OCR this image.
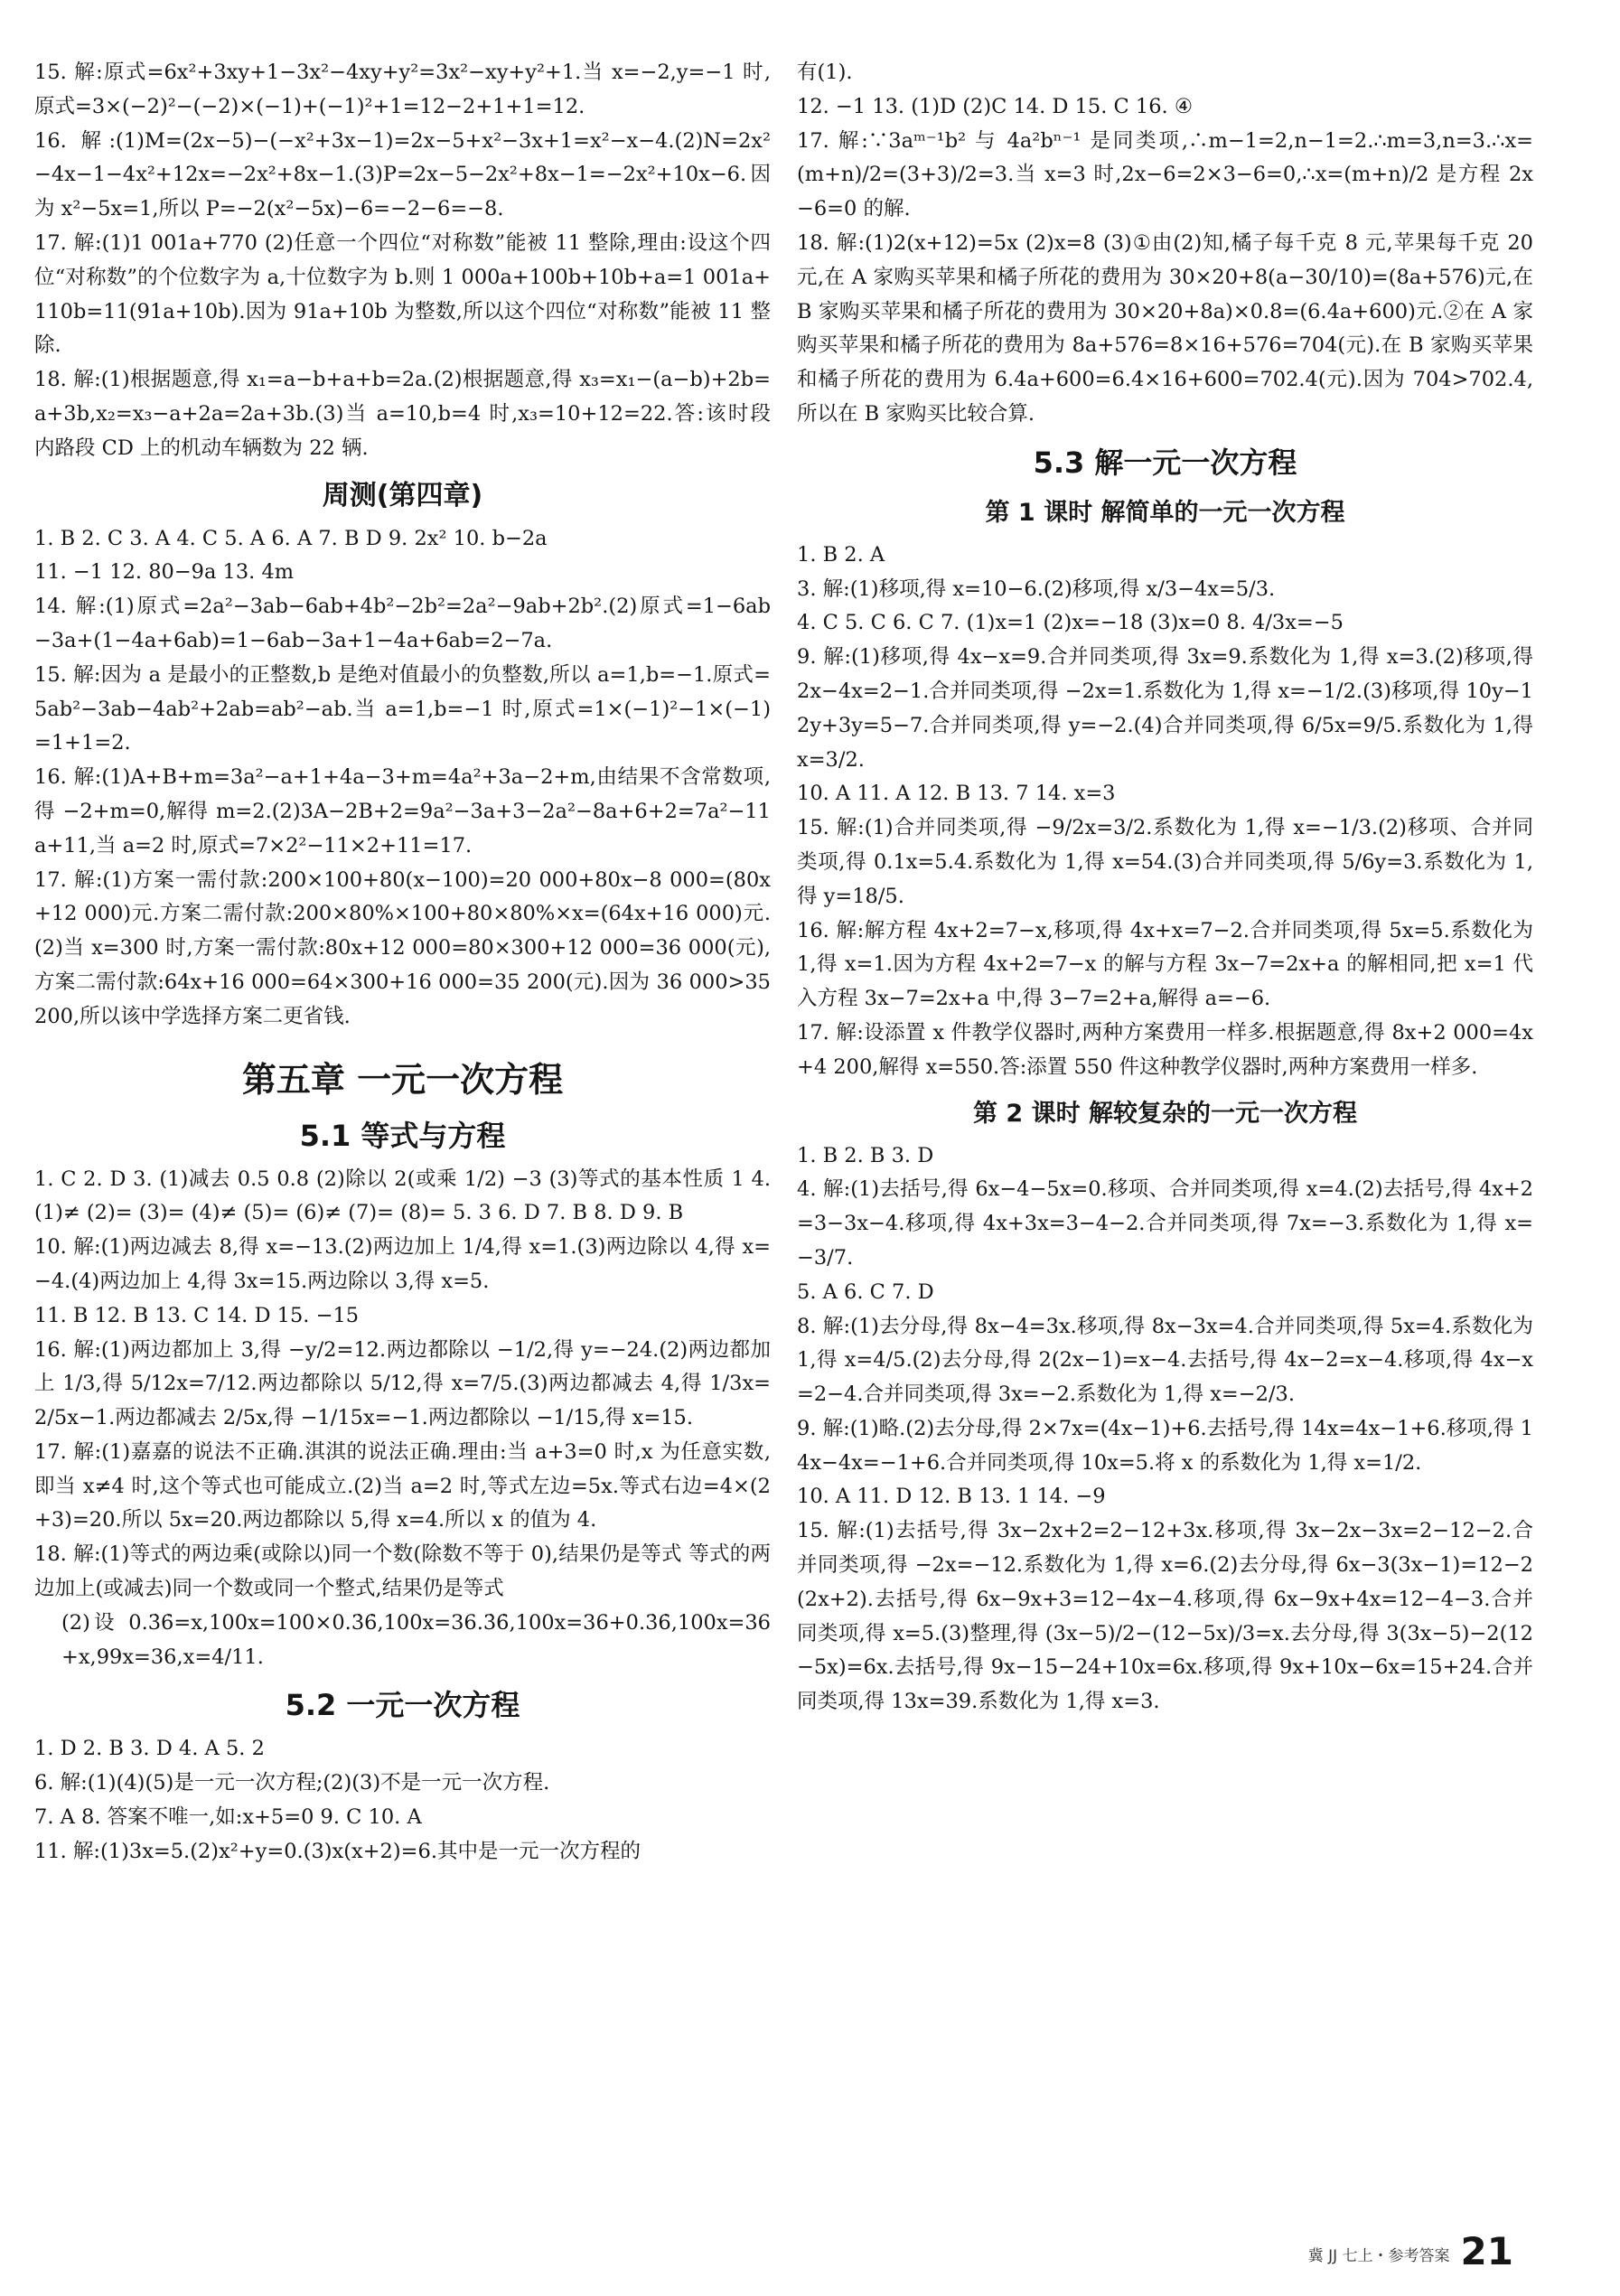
15. 解:原式=6x²+3xy+1−3x²−4xy+y²=3x²−xy+y²+1.当 x=−2,y=−1 时,原式=3×(−2)²−(−2)×(−1)+(−1)²+1=12−2+1+1=12.
16. 解:(1)M=(2x−5)−(−x²+3x−1)=2x−5+x²−3x+1=x²−x−4.(2)N=2x²−4x−1−4x²+12x=−2x²+8x−1.(3)P=2x−5−2x²+8x−1=−2x²+10x−6.因为 x²−5x=1,所以 P=−2(x²−5x)−6=−2−6=−8.
17. 解:(1)1 001a+770 (2)任意一个四位“对称数”能被 11 整除,理由:设这个四位“对称数”的个位数字为 a,十位数字为 b.则 1 000a+100b+10b+a=1 001a+110b=11(91a+10b).因为 91a+10b 为整数,所以这个四位“对称数”能被 11 整除.
18. 解:(1)根据题意,得 x₁=a−b+a+b=2a.(2)根据题意,得 x₃=x₁−(a−b)+2b=a+3b,x₂=x₃−a+2a=2a+3b.(3)当 a=10,b=4 时,x₃=10+12=22.答:该时段内路段 CD 上的机动车辆数为 22 辆.
周测(第四章)
1. B 2. C 3. A 4. C 5. A 6. A 7. B D 9. 2x² 10. b−2a
11. −1 12. 80−9a 13. 4m
14. 解:(1)原式=2a²−3ab−6ab+4b²−2b²=2a²−9ab+2b².(2)原式=1−6ab−3a+(1−4a+6ab)=1−6ab−3a+1−4a+6ab=2−7a.
15. 解:因为 a 是最小的正整数,b 是绝对值最小的负整数,所以 a=1,b=−1.原式=5ab²−3ab−4ab²+2ab=ab²−ab.当 a=1,b=−1 时,原式=1×(−1)²−1×(−1)=1+1=2.
16. 解:(1)A+B+m=3a²−a+1+4a−3+m=4a²+3a−2+m,由结果不含常数项,得 −2+m=0,解得 m=2.(2)3A−2B+2=9a²−3a+3−2a²−8a+6+2=7a²−11a+11,当 a=2 时,原式=7×2²−11×2+11=17.
17. 解:(1)方案一需付款:200×100+80(x−100)=20 000+80x−8 000=(80x+12 000)元.方案二需付款:200×80%×100+80×80%×x=(64x+16 000)元.(2)当 x=300 时,方案一需付款:80x+12 000=80×300+12 000=36 000(元),方案二需付款:64x+16 000=64×300+16 000=35 200(元).因为 36 000>35 200,所以该中学选择方案二更省钱.
第五章 一元一次方程
5.1 等式与方程
1. C 2. D 3. (1)减去 0.5 0.8 (2)除以 2(或乘 1/2) −3 (3)等式的基本性质 1 4. (1)≠ (2)= (3)= (4)≠ (5)= (6)≠ (7)= (8)= 5. 3 6. D 7. B 8. D 9. B
10. 解:(1)两边减去 8,得 x=−13.(2)两边加上 1/4,得 x=1.(3)两边除以 4,得 x=−4.(4)两边加上 4,得 3x=15.两边除以 3,得 x=5.
11. B 12. B 13. C 14. D 15. −15
16. 解:(1)两边都加上 3,得 −y/2=12.两边都除以 −1/2,得 y=−24.(2)两边都加上 1/3,得 5/12x=7/12.两边都除以 5/12,得 x=7/5.(3)两边都减去 4,得 1/3x=2/5x−1.两边都减去 2/5x,得 −1/15x=−1.两边都除以 −1/15,得 x=15.
17. 解:(1)嘉嘉的说法不正确.淇淇的说法正确.理由:当 a+3=0 时,x 为任意实数,即当 x≠4 时,这个等式也可能成立.(2)当 a=2 时,等式左边=5x.等式右边=4×(2+3)=20.所以 5x=20.两边都除以 5,得 x=4.所以 x 的值为 4.
18. 解:(1)等式的两边乘(或除以)同一个数(除数不等于 0),结果仍是等式 等式的两边加上(或减去)同一个数或同一个整式,结果仍是等式
(2)设 0.3̇6̇=x,100x=100×0.3̇6̇,100x=36.3̇6̇,100x=36+0.3̇6̇,100x=36+x,99x=36,x=4/11.
5.2 一元一次方程
1. D 2. B 3. D 4. A 5. 2
6. 解:(1)(4)(5)是一元一次方程;(2)(3)不是一元一次方程.
7. A 8. 答案不唯一,如:x+5=0 9. C 10. A
11. 解:(1)3x=5.(2)x²+y=0.(3)x(x+2)=6.其中是一元一次方程的
有(1).
12. −1 13. (1)D (2)C 14. D 15. C 16. ④
17. 解:∵3aᵐ⁻¹b² 与 4a²bⁿ⁻¹ 是同类项,∴m−1=2,n−1=2.∴m=3,n=3.∴x=(m+n)/2=(3+3)/2=3.当 x=3 时,2x−6=2×3−6=0,∴x=(m+n)/2 是方程 2x−6=0 的解.
18. 解:(1)2(x+12)=5x (2)x=8 (3)①由(2)知,橘子每千克 8 元,苹果每千克 20 元,在 A 家购买苹果和橘子所花的费用为 30×20+8(a−30/10)=(8a+576)元,在 B 家购买苹果和橘子所花的费用为 30×20+8a)×0.8=(6.4a+600)元.②在 A 家购买苹果和橘子所花的费用为 8a+576=8×16+576=704(元).在 B 家购买苹果和橘子所花的费用为 6.4a+600=6.4×16+600=702.4(元).因为 704>702.4,所以在 B 家购买比较合算.
5.3 解一元一次方程
第 1 课时 解简单的一元一次方程
1. B 2. A
3. 解:(1)移项,得 x=10−6.(2)移项,得 x/3−4x=5/3.
4. C 5. C 6. C 7. (1)x=1 (2)x=−18 (3)x=0 8. 4/3x=−5
9. 解:(1)移项,得 4x−x=9.合并同类项,得 3x=9.系数化为 1,得 x=3.(2)移项,得 2x−4x=2−1.合并同类项,得 −2x=1.系数化为 1,得 x=−1/2.(3)移项,得 10y−12y+3y=5−7.合并同类项,得 y=−2.(4)合并同类项,得 6/5x=9/5.系数化为 1,得 x=3/2.
10. A 11. A 12. B 13. 7 14. x=3
15. 解:(1)合并同类项,得 −9/2x=3/2.系数化为 1,得 x=−1/3.(2)移项、合并同类项,得 0.1x=5.4.系数化为 1,得 x=54.(3)合并同类项,得 5/6y=3.系数化为 1,得 y=18/5.
16. 解:解方程 4x+2=7−x,移项,得 4x+x=7−2.合并同类项,得 5x=5.系数化为 1,得 x=1.因为方程 4x+2=7−x 的解与方程 3x−7=2x+a 的解相同,把 x=1 代入方程 3x−7=2x+a 中,得 3−7=2+a,解得 a=−6.
17. 解:设添置 x 件教学仪器时,两种方案费用一样多.根据题意,得 8x+2 000=4x+4 200,解得 x=550.答:添置 550 件这种教学仪器时,两种方案费用一样多.
第 2 课时 解较复杂的一元一次方程
1. B 2. B 3. D
4. 解:(1)去括号,得 6x−4−5x=0.移项、合并同类项,得 x=4.(2)去括号,得 4x+2=3−3x−4.移项,得 4x+3x=3−4−2.合并同类项,得 7x=−3.系数化为 1,得 x=−3/7.
5. A 6. C 7. D
8. 解:(1)去分母,得 8x−4=3x.移项,得 8x−3x=4.合并同类项,得 5x=4.系数化为 1,得 x=4/5.(2)去分母,得 2(2x−1)=x−4.去括号,得 4x−2=x−4.移项,得 4x−x=2−4.合并同类项,得 3x=−2.系数化为 1,得 x=−2/3.
9. 解:(1)略.(2)去分母,得 2×7x=(4x−1)+6.去括号,得 14x=4x−1+6.移项,得 14x−4x=−1+6.合并同类项,得 10x=5.将 x 的系数化为 1,得 x=1/2.
10. A 11. D 12. B 13. 1 14. −9
15. 解:(1)去括号,得 3x−2x+2=2−12+3x.移项,得 3x−2x−3x=2−12−2.合并同类项,得 −2x=−12.系数化为 1,得 x=6.(2)去分母,得 6x−3(3x−1)=12−2(2x+2).去括号,得 6x−9x+3=12−4x−4.移项,得 6x−9x+4x=12−4−3.合并同类项,得 x=5.(3)整理,得 (3x−5)/2−(12−5x)/3=x.去分母,得 3(3x−5)−2(12−5x)=6x.去括号,得 9x−15−24+10x=6x.移项,得 9x+10x−6x=15+24.合并同类项,得 13x=39.系数化为 1,得 x=3.
冀 JJ 七上・参考答案 21
